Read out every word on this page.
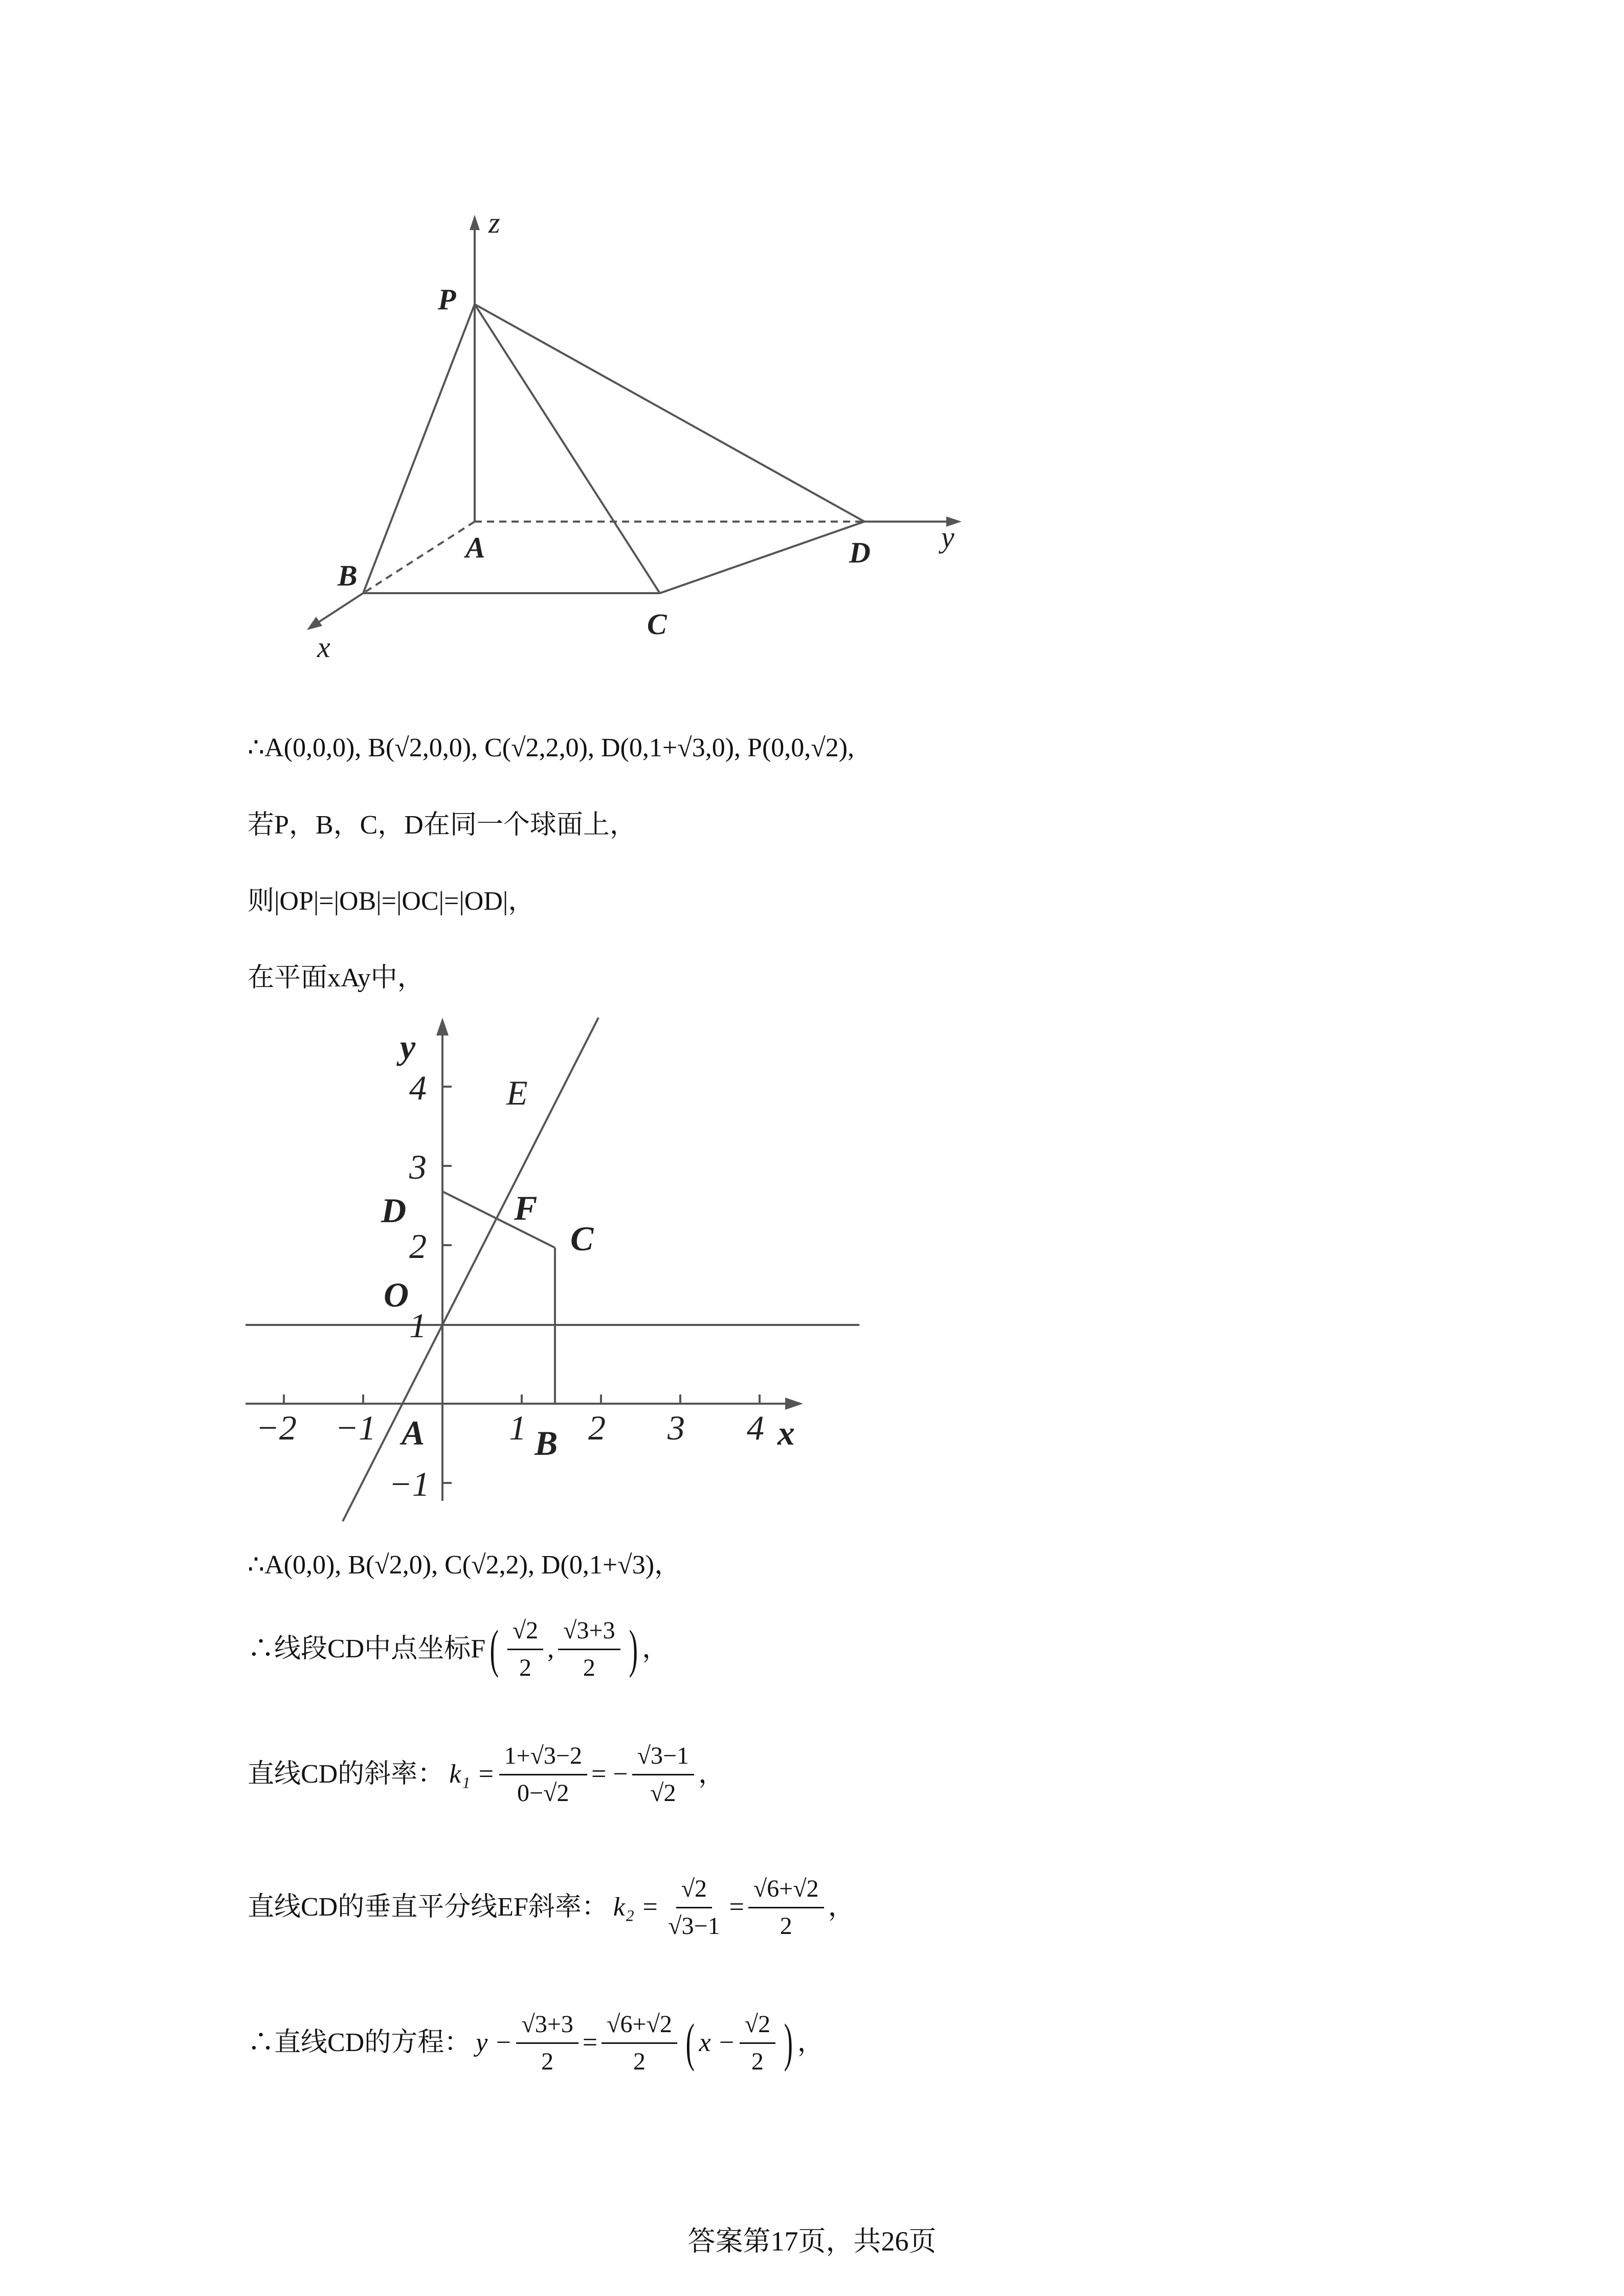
z
y
x
P
A
B
C
D
∴A(0,0,0), B(√2,0,0), C(√2,2,0), D(0,1+√3,0), P(0,0,√2),
若P，B，C，D在同一个球面上，
则|OP|=|OB|=|OC|=|OD|，
在平面xAy中，
−2 −1	1 2 3 4
4
3
2
1
−1
y
x
E
D	F
C
O
A	B
∴A(0,0), B(√2,0), C(√2,2), D(0,1+√3)，
∴线段CD中点坐标F ( $\frac{√2}{2}$ , $\frac{√3+3}{2}$ ) ，
直线CD的斜率： $k_1 = \frac{1+√3-2}{0-√2}$ = − $\frac{√3-1}{√2}$ ，
直线CD的垂直平分线EF斜率： $k_2 = \frac{√2}{√3-1} = \frac{√6+√2}{2}$ ，
∴直线CD的方程： $y - \frac{√3+3}{2} = \frac{√6+√2}{2}$ ( $x - \frac{√2}{2}$ ) ，
答案第17页，共26页
